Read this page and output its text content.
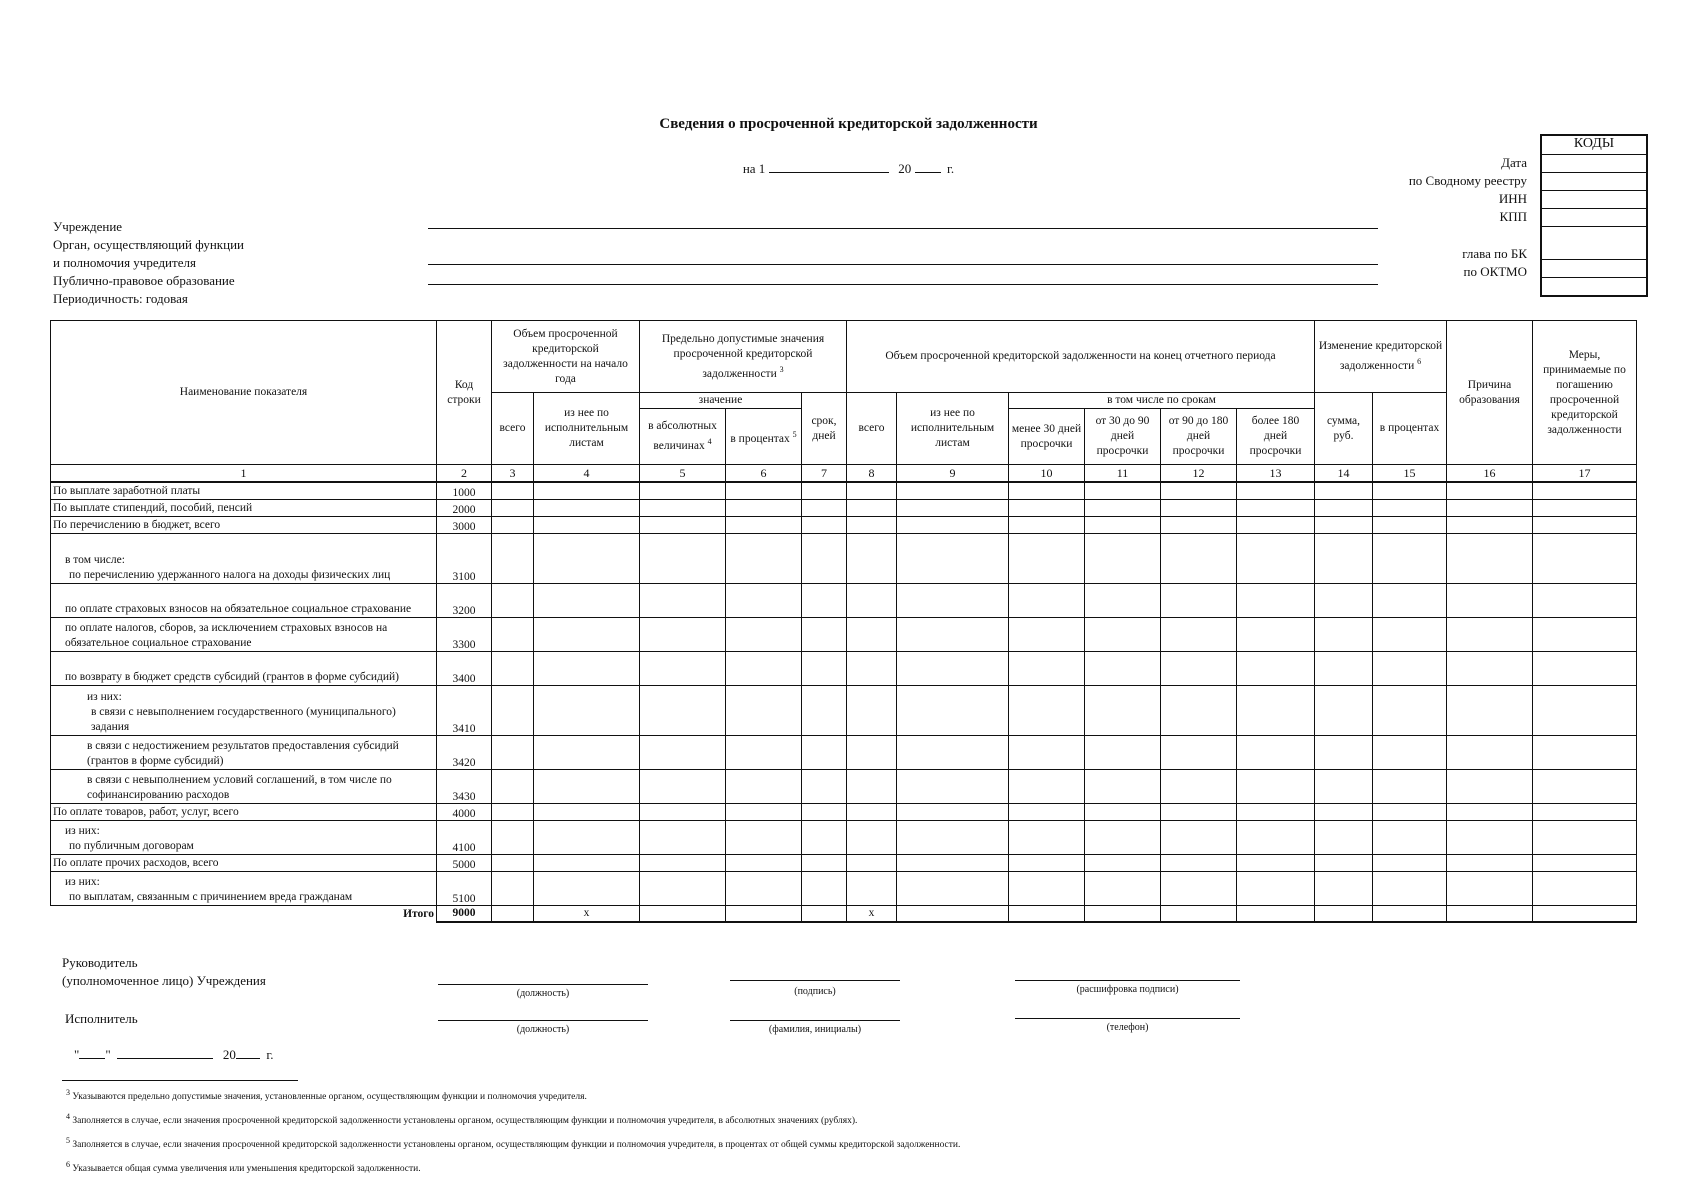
Сведения о просроченной кредиторской задолженности
на 1	20	г.
Учреждение
Орган, осуществляющий функции
и полномочия учредителя
Публично-правовое образование
Периодичность: годовая
Дата
по Сводному реестру
ИНН
КПП
глава по БК
по ОКТМО
КОДЫ
Наименование показателя	Код строки	Объем просроченной кредиторской задолженности на начало года		Предельно допустимые значения просроченной кредиторской задолженности $^3$			Объем просроченной кредиторской задолженности на конец отчетного периода						Изменение кредиторской задолженности $^6$		Причина образования	Меры, принимаемые по погашению просроченной кредиторской задолженности
		всего	из нее по исполнительным листам	значение		срок, дней	всего	из нее по исполнительным листам	в том числе по срокам				сумма, руб.	в процентах		
				в абсолютных величинах $^4$	в процентах $^5$				менее 30 дней просрочки	от 30 до 90 дней просрочки	от 90 до 180 дней просрочки	более 180 дней просрочки				
1	2	3	4	5	6	7	8	9	10	11	12	13	14	15	16	17

По выплате заработной платы	1000															

По выплате стипендий, пособий, пенсий	2000															

По перечислению в бюджет, всего	3000															

в том числе:
по перечислению удержанного налога на доходы физических лиц	3100															

по оплате страховых взносов на обязательное социальное страхование	3200															

по оплате налогов, сборов, за исключением страховых взносов на обязательное социальное страхование	3300															

по возврату в бюджет средств субсидий (грантов в форме субсидий)	3400															

из них:
в связи с невыполнением государственного (муниципального) задания	3410															

в связи с недостижением результатов предоставления субсидий (грантов в форме субсидий)	3420															

в связи с невыполнением условий соглашений, в том числе по софинансированию расходов	3430															

По оплате товаров, работ, услуг, всего	4000															

из них:
по публичным договорам	4100															

По оплате прочих расходов, всего	5000															

из них:
по выплатам, связанным с причинением вреда гражданам	5100															
Итого	9000		x				x									
Руководитель
(уполномоченное лицо) Учреждения
(должность)	(подпись)	(расшифровка подписи)
Исполнитель
(должность)	(фамилия, инициалы)	(телефон)
" "	20 г.
$^3$ Указываются предельно допустимые значения, установленные органом, осуществляющим функции и полномочия учредителя.
$^4$ Заполняется в случае, если значения просроченной кредиторской задолженности установлены органом, осуществляющим функции и полномочия учредителя, в абсолютных значениях (рублях).
$^5$ Заполняется в случае, если значения просроченной кредиторской задолженности установлены органом, осуществляющим функции и полномочия учредителя, в процентах от общей суммы кредиторской задолженности.
$^6$ Указывается общая сумма увеличения или уменьшения кредиторской задолженности.
